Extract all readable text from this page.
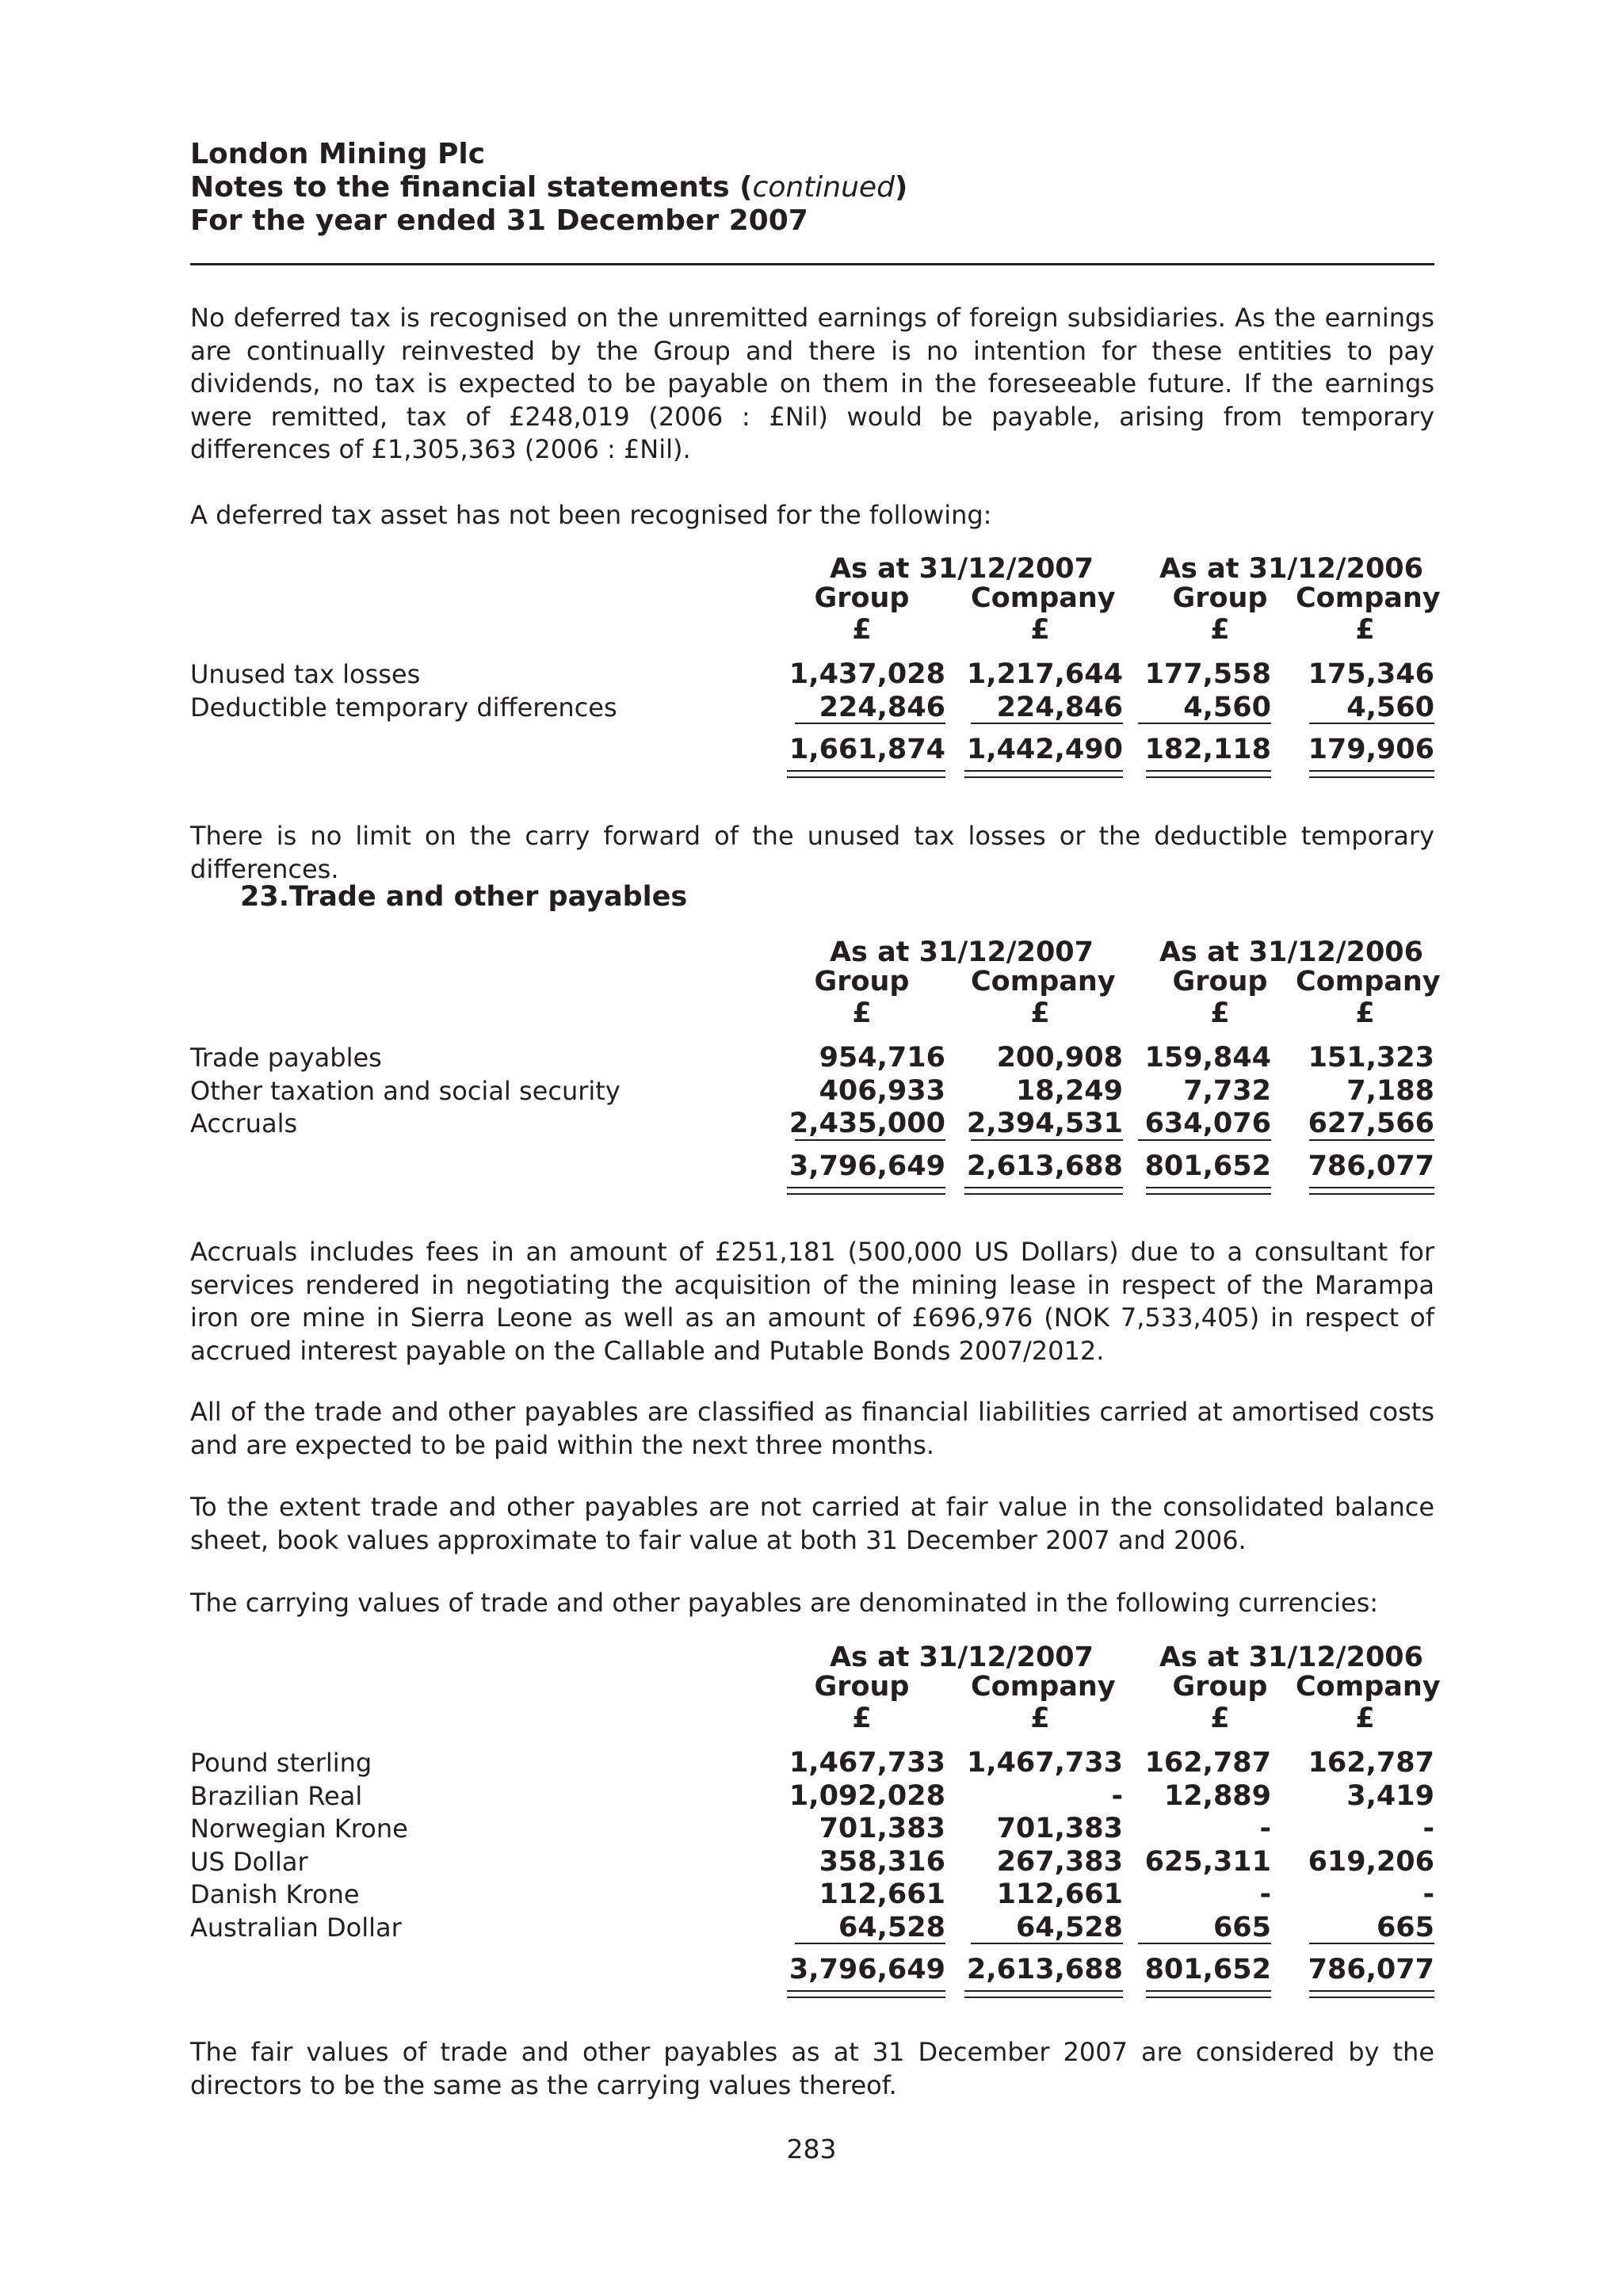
London Mining Plc
Notes to the financial statements (continued)
For the year ended 31 December 2007

No deferred tax is recognised on the unremitted earnings of foreign subsidiaries. As the earnings are continually reinvested by the Group and there is no intention for these entities to pay dividends, no tax is expected to be payable on them in the foreseeable future. If the earnings were remitted, tax of £248,019 (2006 : £Nil) would be payable, arising from temporary differences of £1,305,363 (2006 : £Nil).

A deferred tax asset has not been recognised for the following:

As at 31/12/2007 As at 31/12/2006
Group	Company	Group	Company
£	£	£	£
Unused tax losses	1,437,028 1,217,644 177,558	175,346
Deductible temporary differences	224,846	224,846	4,560	4,560
1,661,874 1,442,490 182,118	179,906

There is no limit on the carry forward of the unused tax losses or the deductible temporary differences.

23.Trade and other payables
As at 31/12/2007 As at 31/12/2006
Group	Company	Group	Company
£	£	£	£
Trade payables	954,716	200,908 159,844	151,323
Other taxation and social security	406,933	18,249	7,732	7,188
Accruals	2,435,000 2,394,531 634,076	627,566
3,796,649 2,613,688 801,652	786,077

Accruals includes fees in an amount of £251,181 (500,000 US Dollars) due to a consultant for services rendered in negotiating the acquisition of the mining lease in respect of the Marampa iron ore mine in Sierra Leone as well as an amount of £696,976 (NOK 7,533,405) in respect of accrued interest payable on the Callable and Putable Bonds 2007/2012.

All of the trade and other payables are classified as financial liabilities carried at amortised costs and are expected to be paid within the next three months.

To the extent trade and other payables are not carried at fair value in the consolidated balance sheet, book values approximate to fair value at both 31 December 2007 and 2006.

The carrying values of trade and other payables are denominated in the following currencies:

As at 31/12/2007 As at 31/12/2006
Group	Company	Group	Company
£	£	£	£
Pound sterling	1,467,733 1,467,733 162,787	162,787
Brazilian Real	1,092,028	-	12,889	3,419
Norwegian Krone	701,383	701,383	-	-
US Dollar	358,316	267,383 625,311	619,206
Danish Krone	112,661	112,661	-	-
Australian Dollar	64,528	64,528	665	665
3,796,649 2,613,688 801,652	786,077

The fair values of trade and other payables as at 31 December 2007 are considered by the directors to be the same as the carrying values thereof.

283
